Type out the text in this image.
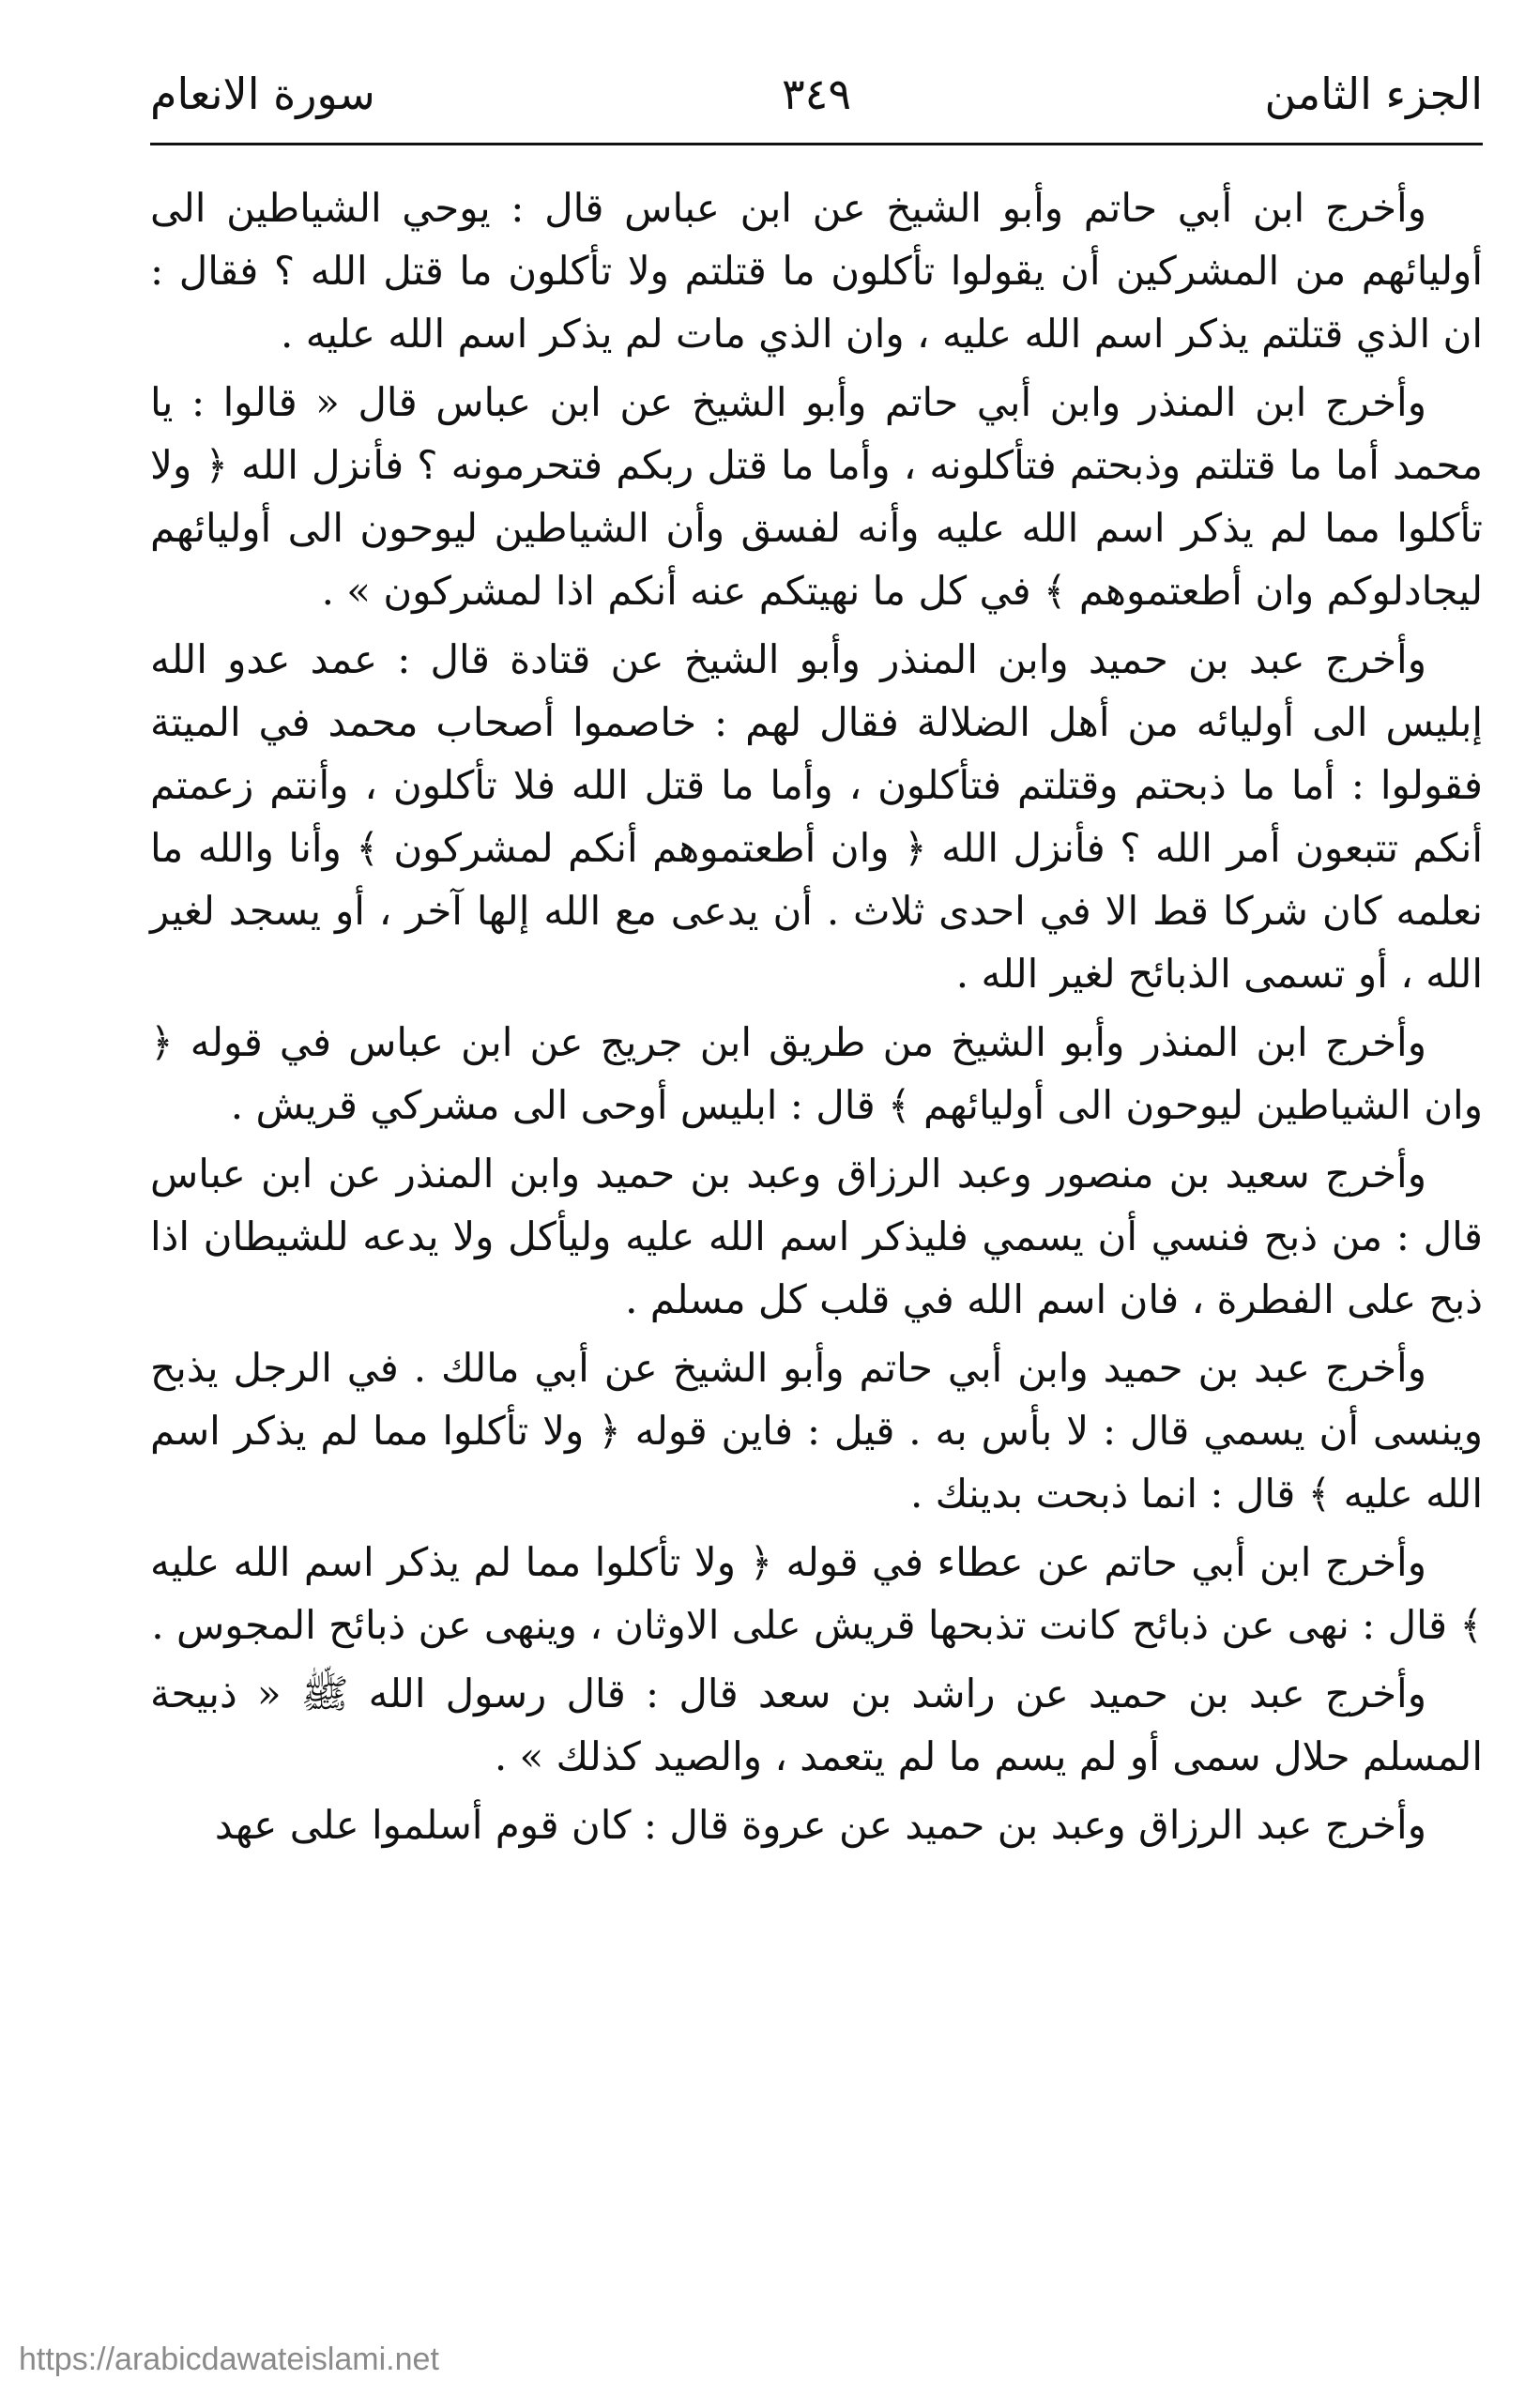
الجزء الثامن
٣٤٩
سورة الانعام

وأخرج ابن أبي حاتم وأبو الشيخ عن ابن عباس قال : يوحي الشياطين الى أوليائهم من المشركين أن يقولوا تأكلون ما قتلتم ولا تأكلون ما قتل الله ؟ فقال : ان الذي قتلتم يذكر اسم الله عليه ، وان الذي مات لم يذكر اسم الله عليه .

وأخرج ابن المنذر وابن أبي حاتم وأبو الشيخ عن ابن عباس قال « قالوا : يا محمد أما ما قتلتم وذبحتم فتأكلونه ، وأما ما قتل ربكم فتحرمونه ؟ فأنزل الله ﴿ ولا تأكلوا مما لم يذكر اسم الله عليه وأنه لفسق وأن الشياطين ليوحون الى أوليائهم ليجادلوكم وان أطعتموهم ﴾ في كل ما نهيتكم عنه أنكم اذا لمشركون » .

وأخرج عبد بن حميد وابن المنذر وأبو الشيخ عن قتادة قال : عمد عدو الله إبليس الى أوليائه من أهل الضلالة فقال لهم : خاصموا أصحاب محمد في الميتة فقولوا : أما ما ذبحتم وقتلتم فتأكلون ، وأما ما قتل الله فلا تأكلون ، وأنتم زعمتم أنكم تتبعون أمر الله ؟ فأنزل الله ﴿ وان أطعتموهم أنكم لمشركون ﴾ وأنا والله ما نعلمه كان شركا قط الا في احدى ثلاث . أن يدعى مع الله إلها آخر ، أو يسجد لغير الله ، أو تسمى الذبائح لغير الله .

وأخرج ابن المنذر وأبو الشيخ من طريق ابن جريج عن ابن عباس في قوله ﴿ وان الشياطين ليوحون الى أوليائهم ﴾ قال : ابليس أوحى الى مشركي قريش .

وأخرج سعيد بن منصور وعبد الرزاق وعبد بن حميد وابن المنذر عن ابن عباس قال : من ذبح فنسي أن يسمي فليذكر اسم الله عليه وليأكل ولا يدعه للشيطان اذا ذبح على الفطرة ، فان اسم الله في قلب كل مسلم .

وأخرج عبد بن حميد وابن أبي حاتم وأبو الشيخ عن أبي مالك . في الرجل يذبح وينسى أن يسمي قال : لا بأس به . قيل : فاين قوله ﴿ ولا تأكلوا مما لم يذكر اسم الله عليه ﴾ قال : انما ذبحت بدينك .

وأخرج ابن أبي حاتم عن عطاء في قوله ﴿ ولا تأكلوا مما لم يذكر اسم الله عليه ﴾ قال : نهى عن ذبائح كانت تذبحها قريش على الاوثان ، وينهى عن ذبائح المجوس .

وأخرج عبد بن حميد عن راشد بن سعد قال : قال رسول الله ﷺ « ذبيحة المسلم حلال سمى أو لم يسم ما لم يتعمد ، والصيد كذلك » .

وأخرج عبد الرزاق وعبد بن حميد عن عروة قال : كان قوم أسلموا على عهد

https://arabicdawateislami.net
